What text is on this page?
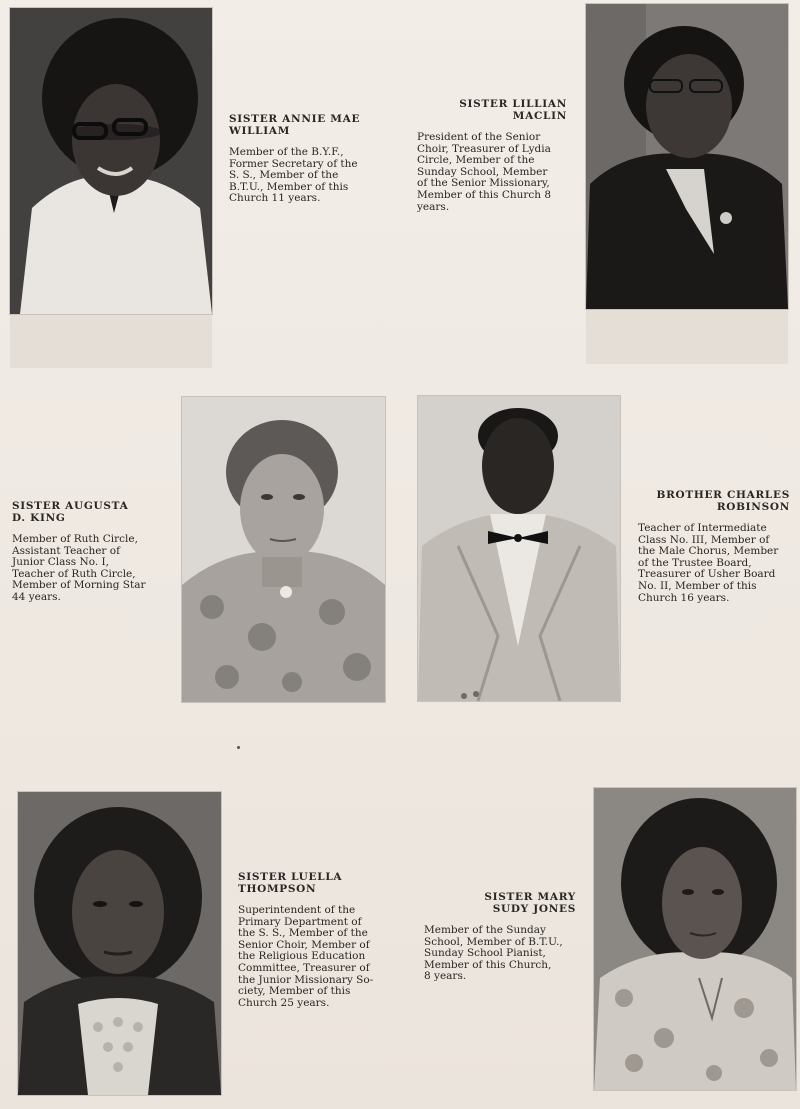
SISTER ANNIE MAE
WILLIAM
Member of the B.Y.F.,
Former Secretary of the
S. S., Member of the
B.T.U., Member of this
Church 11 years.
SISTER LILLIAN
MACLIN
President of the Senior
Choir, Treasurer of Lydia
Circle, Member of the
Sunday School, Member
of the Senior Missionary,
Member of this Church 8
years.
SISTER AUGUSTA
D. KING
Member of Ruth Circle,
Assistant Teacher of
Junior Class No. I,
Teacher of Ruth Circle,
Member of Morning Star
44 years.
BROTHER CHARLES
ROBINSON
Teacher of Intermediate
Class No. III, Member of
the Male Chorus, Member
of the Trustee Board,
Treasurer of Usher Board
No. II, Member of this
Church 16 years.
SISTER LUELLA
THOMPSON
Superintendent of the
Primary Department of
the S. S., Member of the
Senior Choir, Member of
the Religious Education
Committee, Treasurer of
the Junior Missionary So-
ciety, Member of this
Church 25 years.
SISTER MARY
SUDY JONES
Member of the Sunday
School, Member of B.T.U.,
Sunday School Pianist,
Member of this Church,
8 years.
